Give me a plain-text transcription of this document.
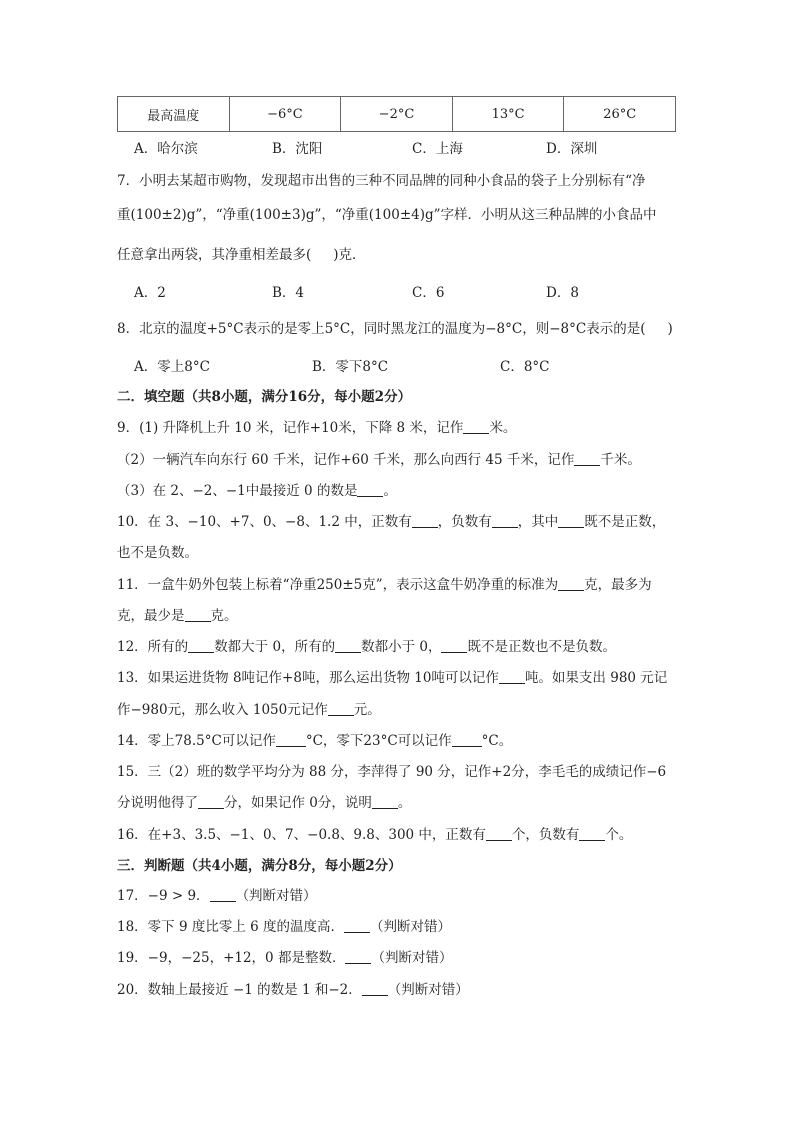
最高温度	−6°C	−2°C	13°C	26°C
A．哈尔滨	B．沈阳	C．上海	D．深圳
7．小明去某超市购物，发现超市出售的三种不同品牌的同种小食品的袋子上分别标有“净
重(100±2)g”，“净重(100±3)g”，“净重(100±4)g”字样．小明从这三种品牌的小食品中
任意拿出两袋，其净重相差最多( )克．
A．2	B．4	C．6	D．8
8．北京的温度+5°C表示的是零上5°C，同时黑龙江的温度为−8°C，则−8°C表示的是( )
A．零上8°C	B．零下8°C	C．8°C
二．填空题（共8小题，满分16分，每小题2分）
9．(1) 升降机上升 10 米，记作+10米，下降 8 米，记作 米。
（2）一辆汽车向东行 60 千米，记作+60 千米，那么向西行 45 千米，记作 千米。
（3）在 2、−2、−1中最接近 0 的数是 。
10．在 3、−10、+7、0、−8、1.2 中，正数有 ，负数有 ，其中 既不是正数，
也不是负数。
11．一盒牛奶外包装上标着“净重250±5克”，表示这盒牛奶净重的标准为 克，最多为
克，最少是 克。
12．所有的 数都大于 0，所有的 数都小于 0， 既不是正数也不是负数。
13．如果运进货物 8吨记作+8吨，那么运出货物 10吨可以记作 吨。如果支出 980 元记
作−980元，那么收入 1050元记作 元。
14．零上78.5°C可以记作 °C，零下23°C可以记作 °C。
15．三（2）班的数学平均分为 88 分，李萍得了 90 分，记作+2分，李毛毛的成绩记作−6
分说明他得了 分，如果记作 0分，说明 。
16．在+3、3.5、−1、0、7、−0.8、9.8、300 中，正数有 个，负数有 个。
三．判断题（共4小题，满分8分，每小题2分）
17．−9 > 9． （判断对错）
18．零下 9 度比零上 6 度的温度高． （判断对错）
19．−9，−25，+12，0 都是整数． （判断对错）
20．数轴上最接近 −1 的数是 1 和−2． （判断对错）
